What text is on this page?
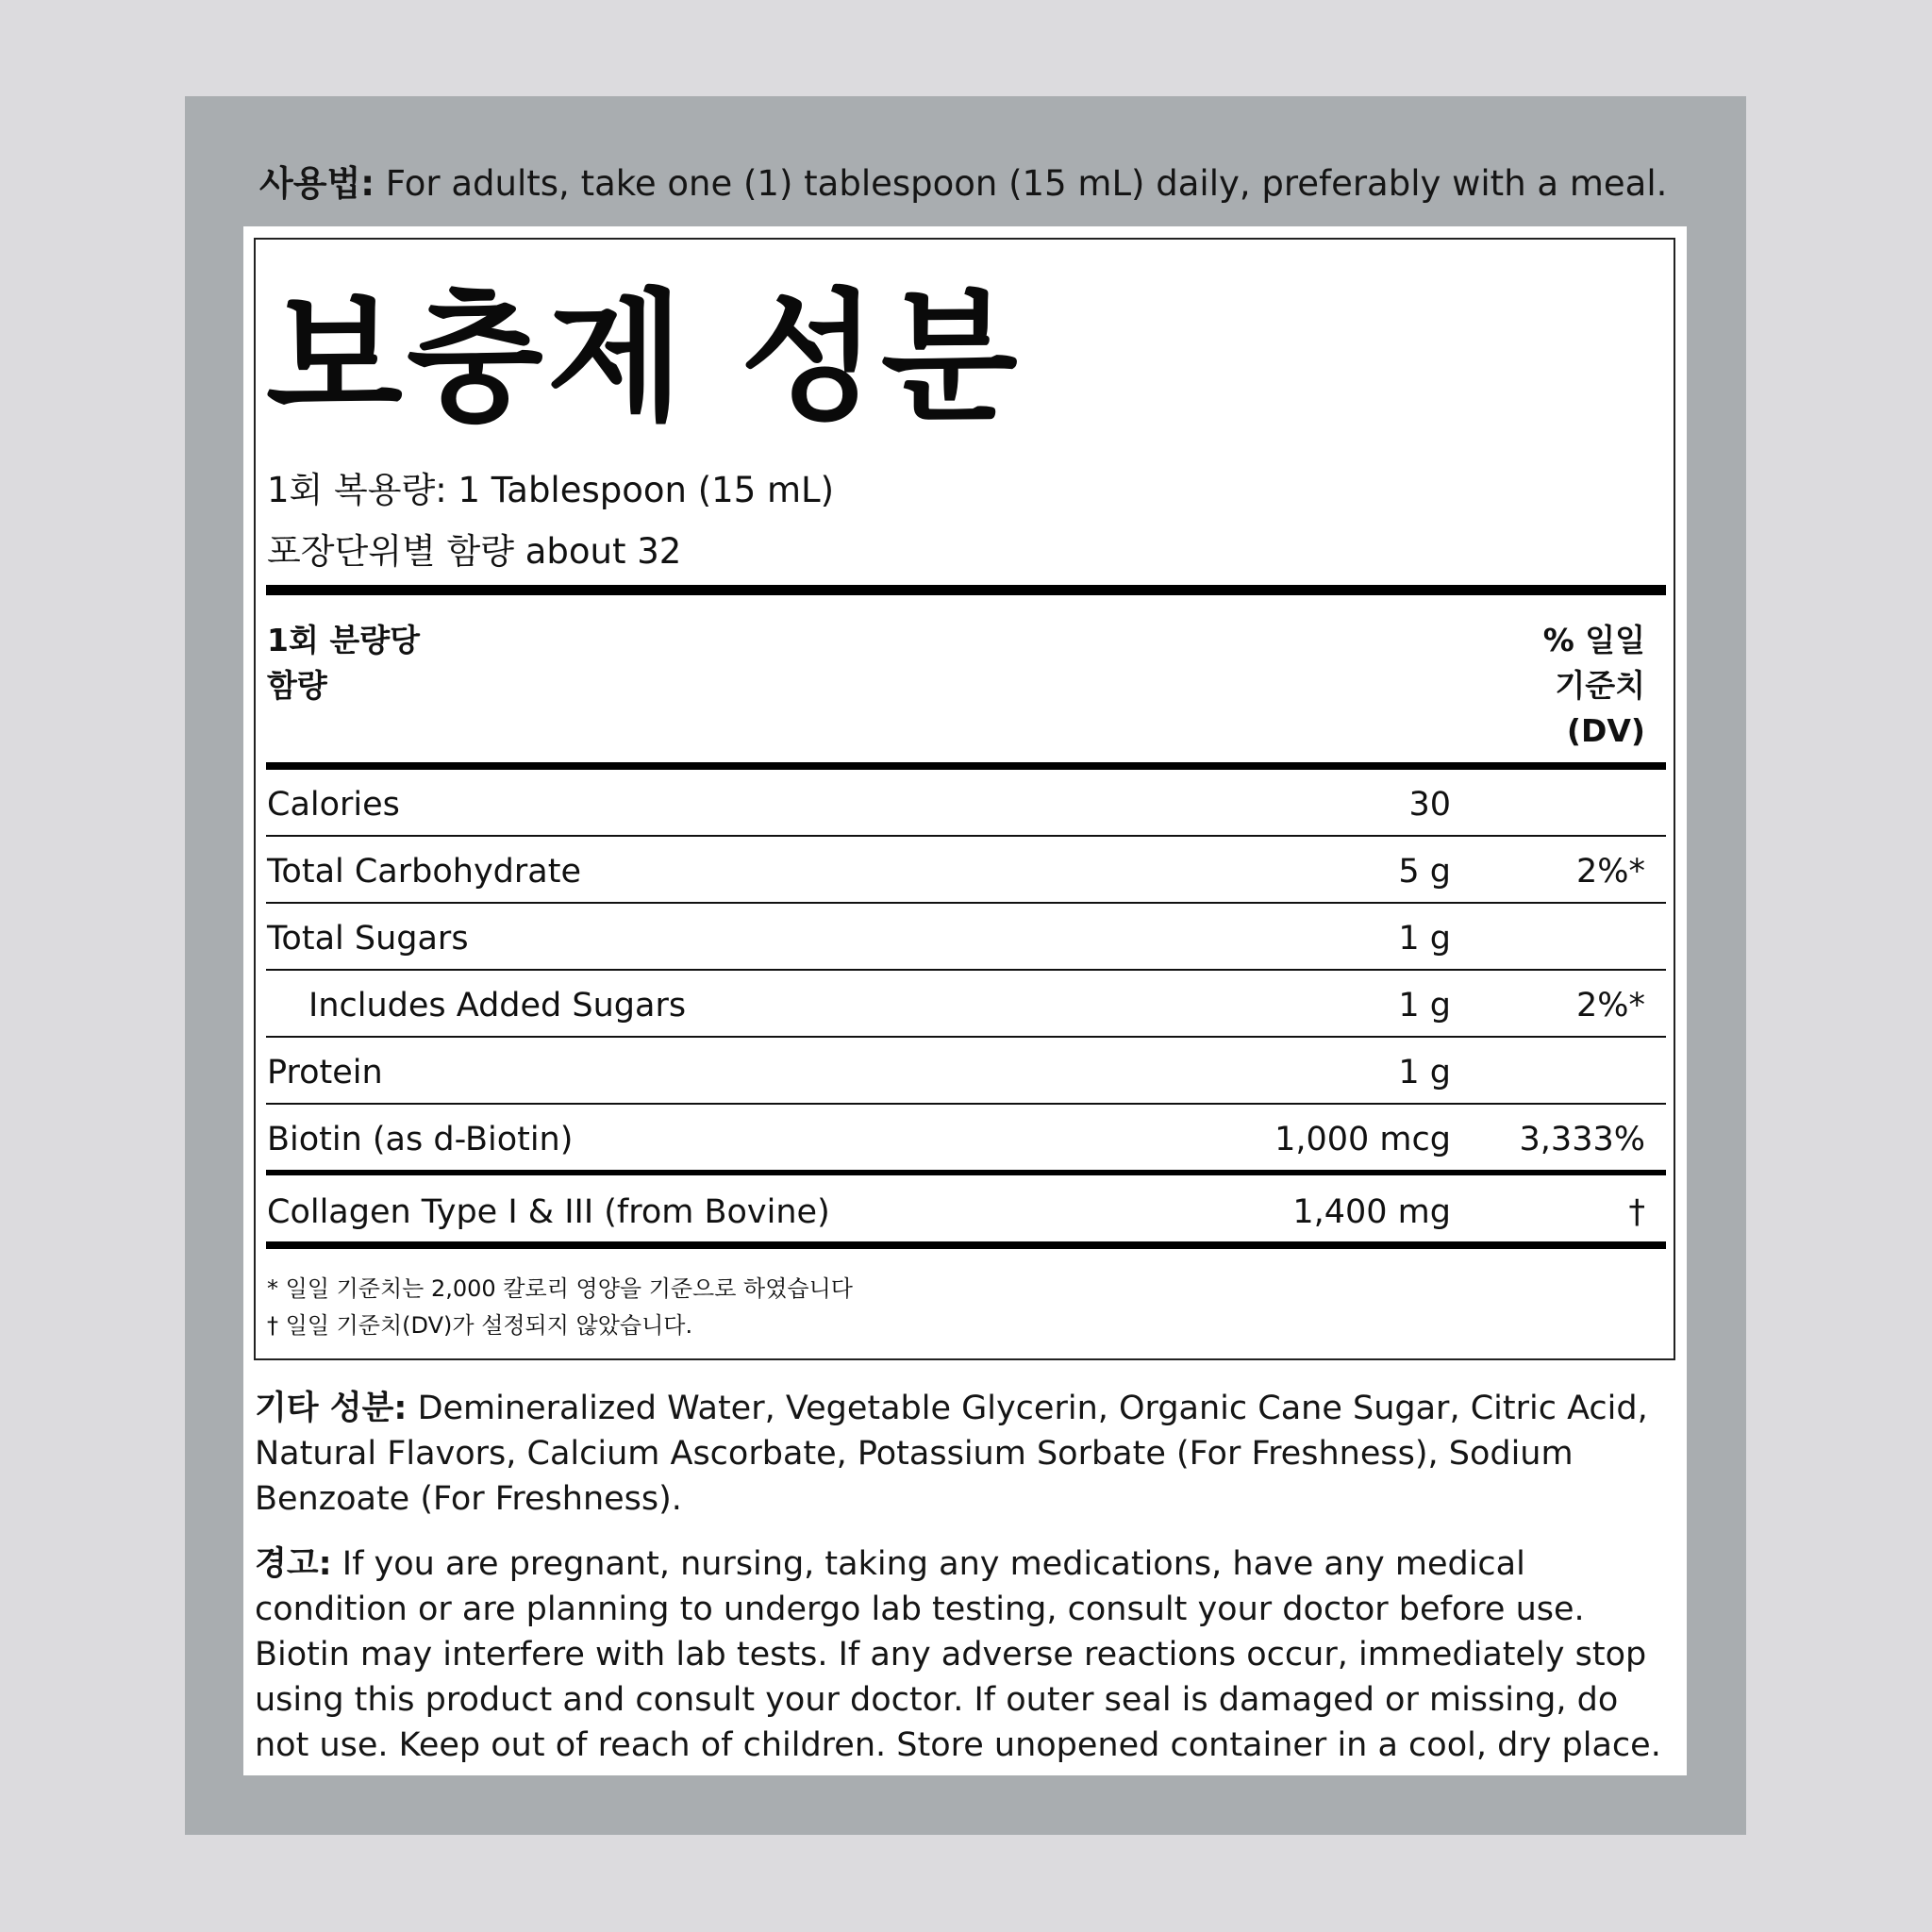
사용법: For adults, take one (1) tablespoon (15 mL) daily, preferably with a meal.
보충제 성분
1회 복용량: 1 Tablespoon (15 mL)
포장단위별 함량 about 32
1회 분량당
함량
% 일일
기준치
(DV)
Calories	30
Total Carbohydrate	5 g	2%*
Total Sugars	1 g
Includes Added Sugars	1 g	2%*
Protein	1 g
Biotin (as d-Biotin)	1,000 mcg 3,333%
Collagen Type I & III (from Bovine)	1,400 mg	†
* 일일 기준치는 2,000 칼로리 영양을 기준으로 하였습니다
† 일일 기준치(DV)가 설정되지 않았습니다.
기타 성분: Demineralized Water, Vegetable Glycerin, Organic Cane Sugar, Citric Acid, Natural Flavors, Calcium Ascorbate, Potassium Sorbate (For Freshness), Sodium Benzoate (For Freshness).
경고: If you are pregnant, nursing, taking any medications, have any medical condition or are planning to undergo lab testing, consult your doctor before use. Biotin may interfere with lab tests. If any adverse reactions occur, immediately stop using this product and consult your doctor. If outer seal is damaged or missing, do not use. Keep out of reach of children. Store unopened container in a cool, dry place.
